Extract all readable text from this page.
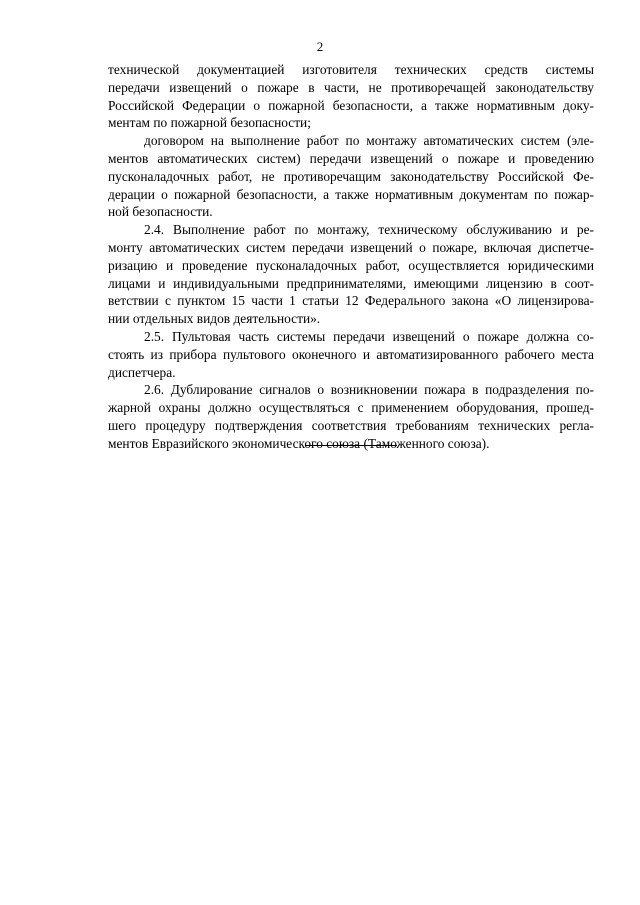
2
технической документацией изготовителя технических средств системы
передачи извещений о пожаре в части, не противоречащей законодательству
Российской Федерации о пожарной безопасности, а также нормативным доку-
ментам по пожарной безопасности;
договором на выполнение работ по монтажу автоматических систем (эле-
ментов автоматических систем) передачи извещений о пожаре и проведению
пусконаладочных работ, не противоречащим законодательству Российской Фе-
дерации о пожарной безопасности, а также нормативным документам по пожар-
ной безопасности.
2.4. Выполнение работ по монтажу, техническому обслуживанию и ре-
монту автоматических систем передачи извещений о пожаре, включая диспетче-
ризацию и проведение пусконаладочных работ, осуществляется юридическими
лицами и индивидуальными предпринимателями, имеющими лицензию в соот-
ветствии с пунктом 15 части 1 статьи 12 Федерального закона «О лицензирова-
нии отдельных видов деятельности».
2.5. Пультовая часть системы передачи извещений о пожаре должна со-
стоять из прибора пультового оконечного и автоматизированного рабочего места
диспетчера.
2.6. Дублирование сигналов о возникновении пожара в подразделения по-
жарной охраны должно осуществляться с применением оборудования, прошед-
шего процедуру подтверждения соответствия требованиям технических регла-
ментов Евразийского экономического союза (Таможенного союза).
